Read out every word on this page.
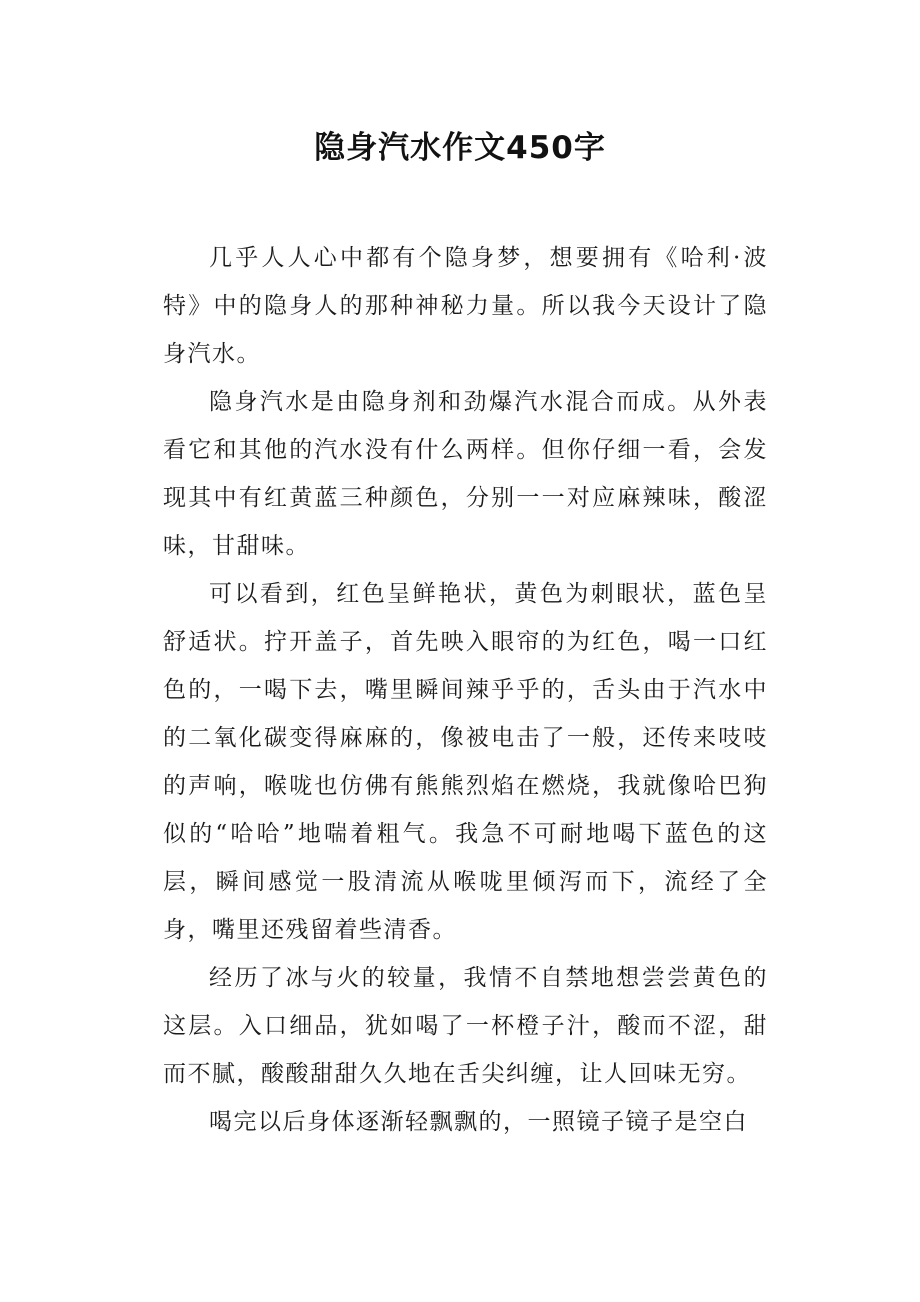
隐身汽水作文450字

几乎人人心中都有个隐身梦，想要拥有《哈利·波特》中的隐身人的那种神秘力量。所以我今天设计了隐身汽水。

隐身汽水是由隐身剂和劲爆汽水混合而成。从外表看它和其他的汽水没有什么两样。但你仔细一看，会发现其中有红黄蓝三种颜色，分别一一对应麻辣味，酸涩味，甘甜味。

可以看到，红色呈鲜艳状，黄色为刺眼状，蓝色呈舒适状。拧开盖子，首先映入眼帘的为红色，喝一口红色的，一喝下去，嘴里瞬间辣乎乎的，舌头由于汽水中的二氧化碳变得麻麻的，像被电击了一般，还传来吱吱的声响，喉咙也仿佛有熊熊烈焰在燃烧，我就像哈巴狗似的“哈哈”地喘着粗气。我急不可耐地喝下蓝色的这层，瞬间感觉一股清流从喉咙里倾泻而下，流经了全身，嘴里还残留着些清香。

经历了冰与火的较量，我情不自禁地想尝尝黄色的这层。入口细品，犹如喝了一杯橙子汁，酸而不涩，甜而不腻，酸酸甜甜久久地在舌尖纠缠，让人回味无穷。

喝完以后身体逐渐轻飘飘的，一照镜子镜子是空白
